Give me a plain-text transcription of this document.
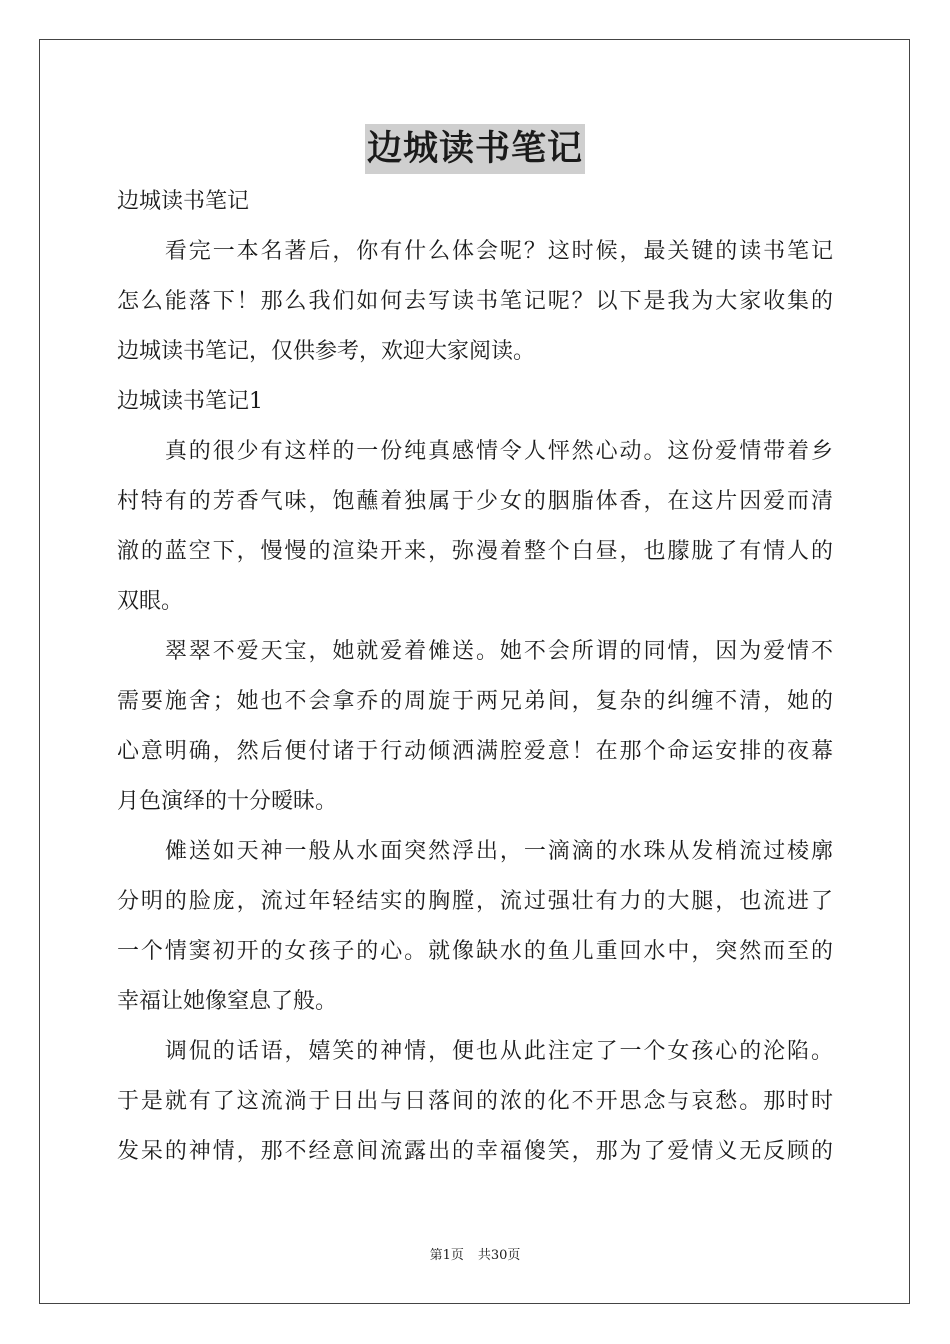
边城读书笔记
边城读书笔记
　　看完一本名著后，你有什么体会呢？这时候，最关键的读书笔记
怎么能落下！那么我们如何去写读书笔记呢？以下是我为大家收集的
边城读书笔记，仅供参考，欢迎大家阅读。
边城读书笔记1
　　真的很少有这样的一份纯真感情令人怦然心动。这份爱情带着乡
村特有的芳香气味，饱蘸着独属于少女的胭脂体香，在这片因爱而清
澈的蓝空下，慢慢的渲染开来，弥漫着整个白昼，也朦胧了有情人的
双眼。
　　翠翠不爱天宝，她就爱着傩送。她不会所谓的同情，因为爱情不
需要施舍；她也不会拿乔的周旋于两兄弟间，复杂的纠缠不清，她的
心意明确，然后便付诸于行动倾洒满腔爱意！在那个命运安排的夜幕
月色演绎的十分暧昧。
　　傩送如天神一般从水面突然浮出，一滴滴的水珠从发梢流过棱廓
分明的脸庞，流过年轻结实的胸膛，流过强壮有力的大腿，也流进了
一个情窦初开的女孩子的心。就像缺水的鱼儿重回水中，突然而至的
幸福让她像窒息了般。
　　调侃的话语，嬉笑的神情，便也从此注定了一个女孩心的沦陷。
于是就有了这流淌于日出与日落间的浓的化不开思念与哀愁。那时时
发呆的神情，那不经意间流露出的幸福傻笑，那为了爱情义无反顾的
第1页 共30页
